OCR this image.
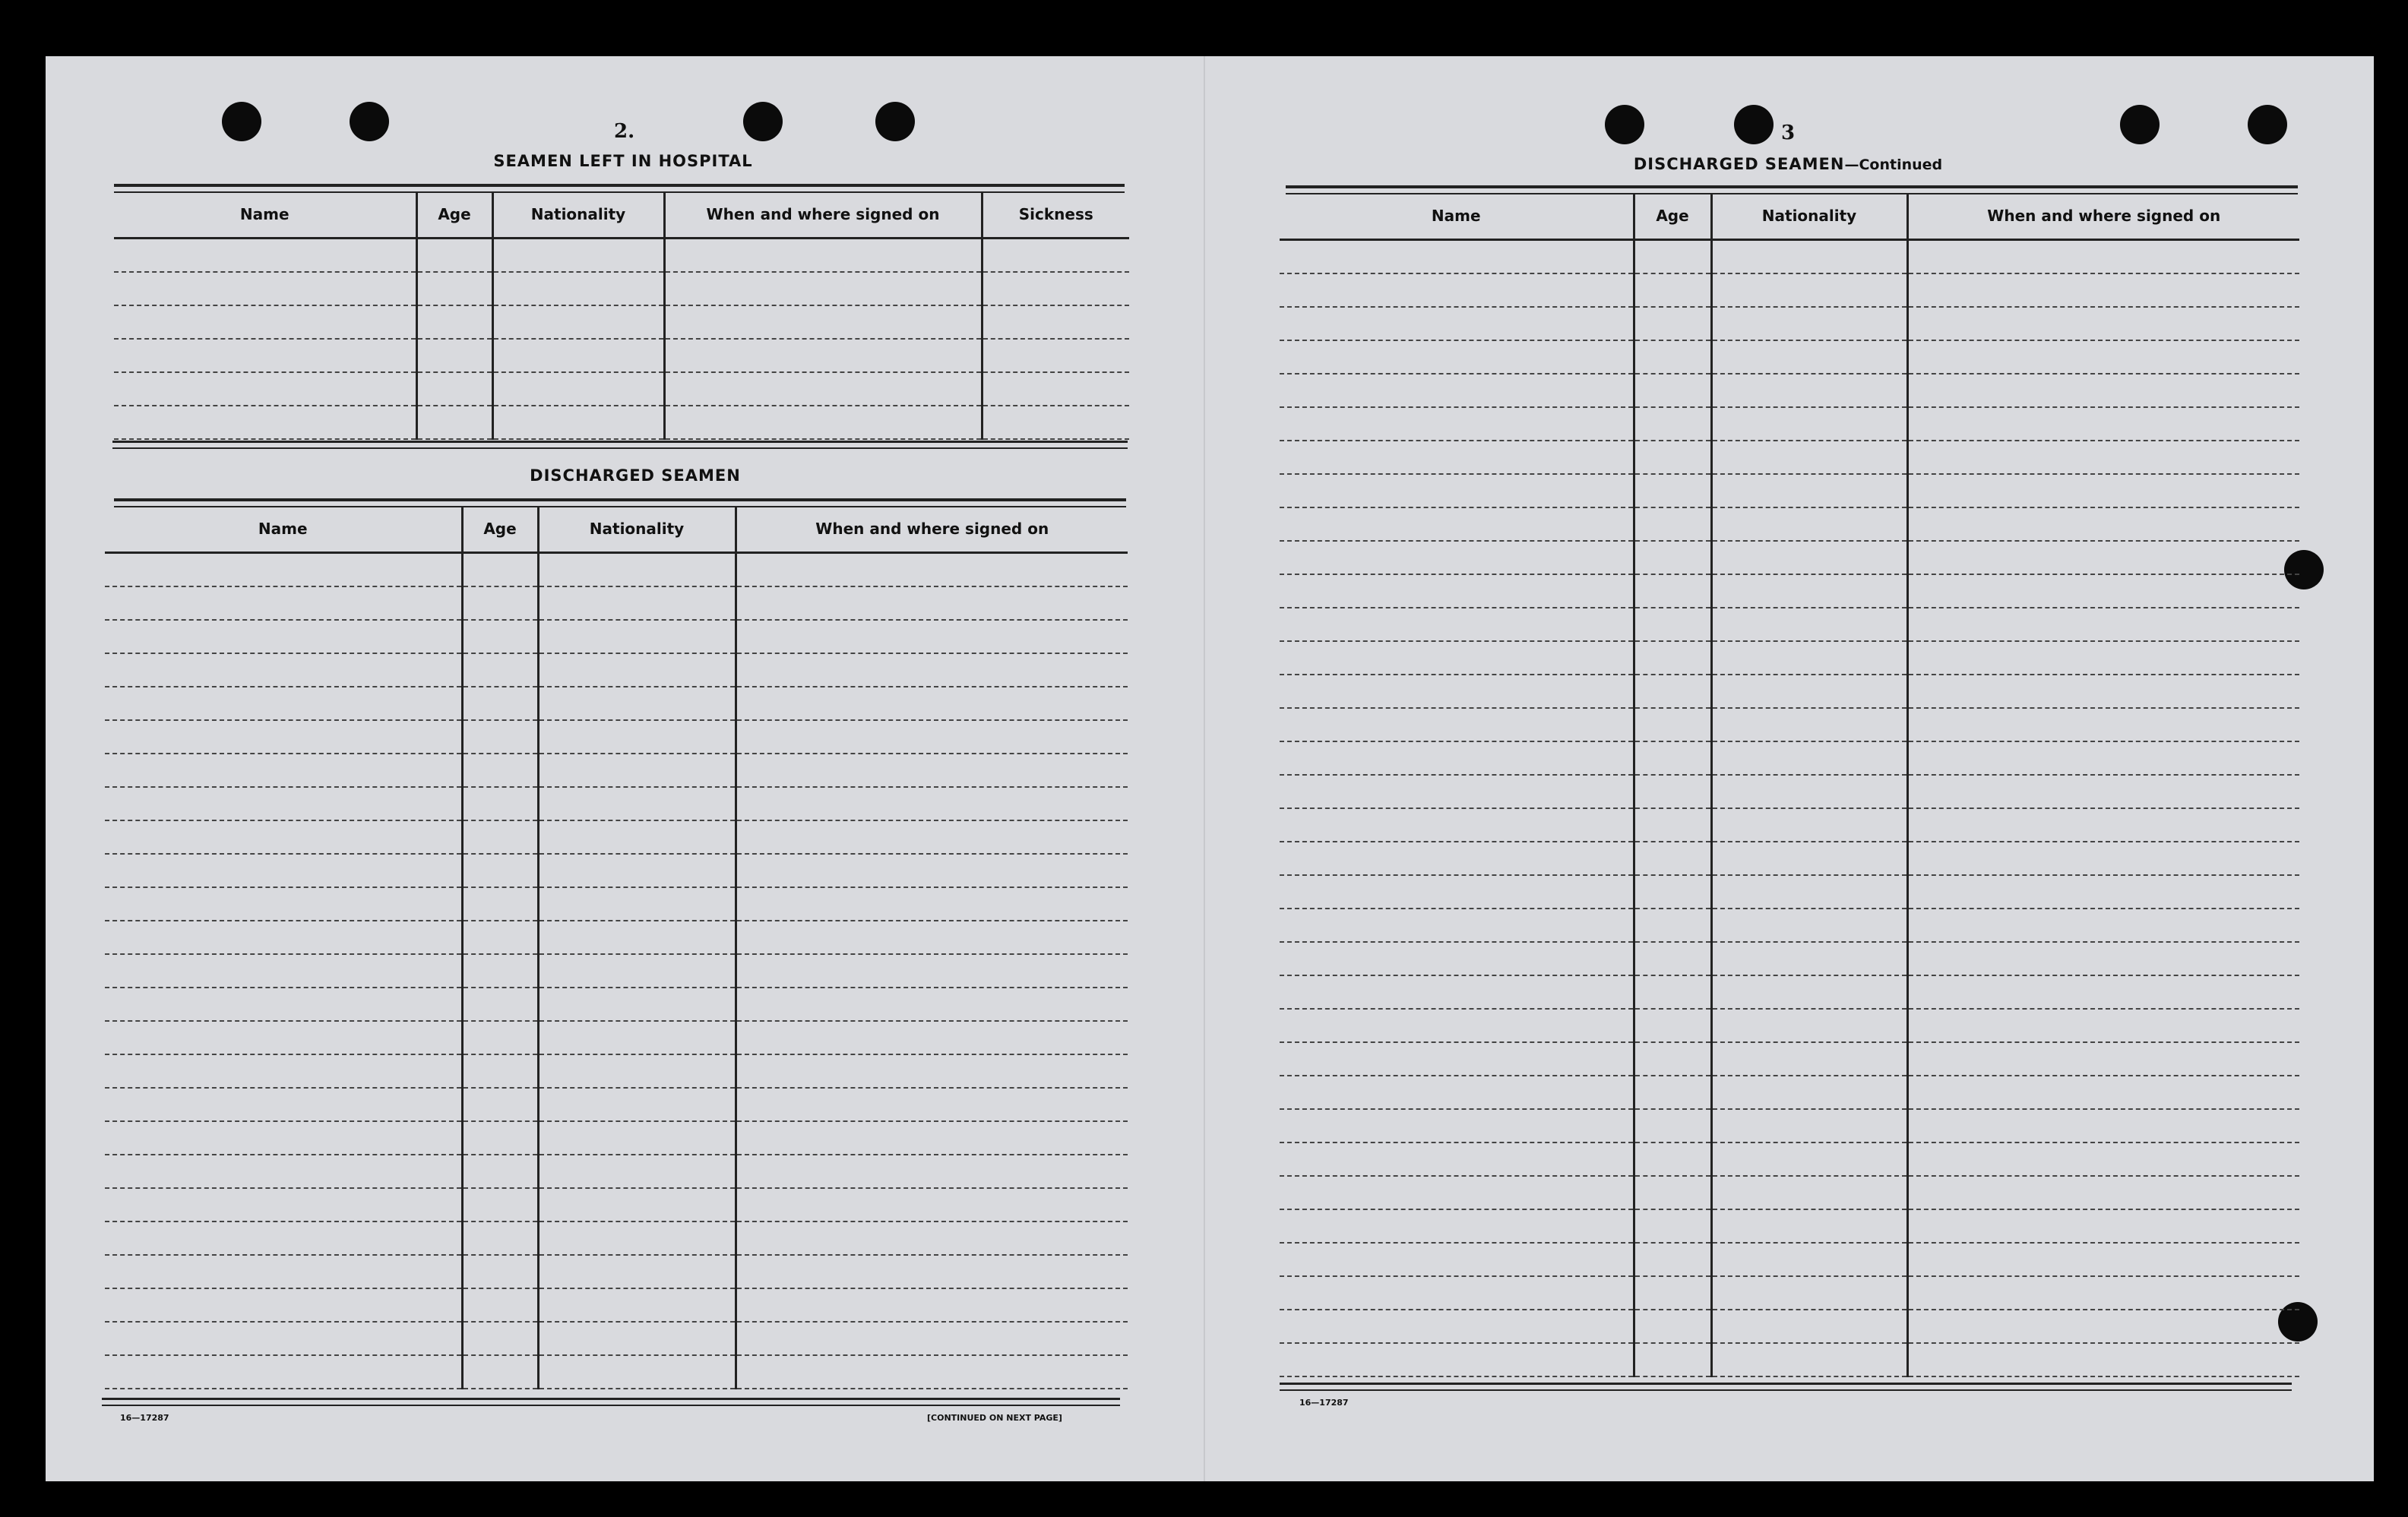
2.
SEAMEN LEFT IN HOSPITAL
Name	Age	Nationality	When and where signed on	Sickness

DISCHARGED SEAMEN
Name	Age	Nationality	When and where signed on

16—17287	[CONTINUED ON NEXT PAGE]
3
DISCHARGED SEAMEN—Continued
Name	Age	Nationality	When and where signed on

16—17287
